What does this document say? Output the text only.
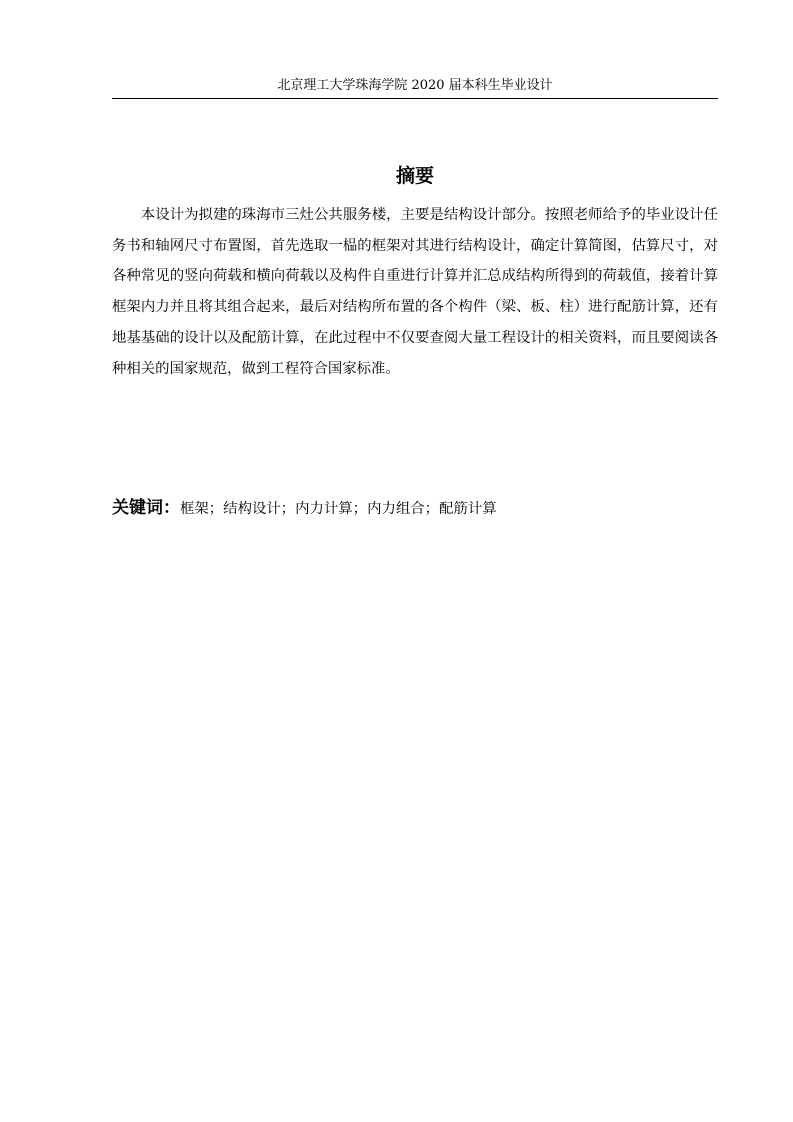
北京理工大学珠海学院 2020 届本科生毕业设计
摘要

本设计为拟建的珠海市三灶公共服务楼，主要是结构设计部分。按照老师给予的毕业设计任务书和轴网尺寸布置图，首先选取一榀的框架对其进行结构设计，确定计算简图，估算尺寸，对各种常见的竖向荷载和横向荷载以及构件自重进行计算并汇总成结构所得到的荷载值，接着计算框架内力并且将其组合起来，最后对结构所布置的各个构件（梁、板、柱）进行配筋计算，还有地基基础的设计以及配筋计算，在此过程中不仅要查阅大量工程设计的相关资料，而且要阅读各种相关的国家规范，做到工程符合国家标准。

关键词：框架；结构设计；内力计算；内力组合；配筋计算
